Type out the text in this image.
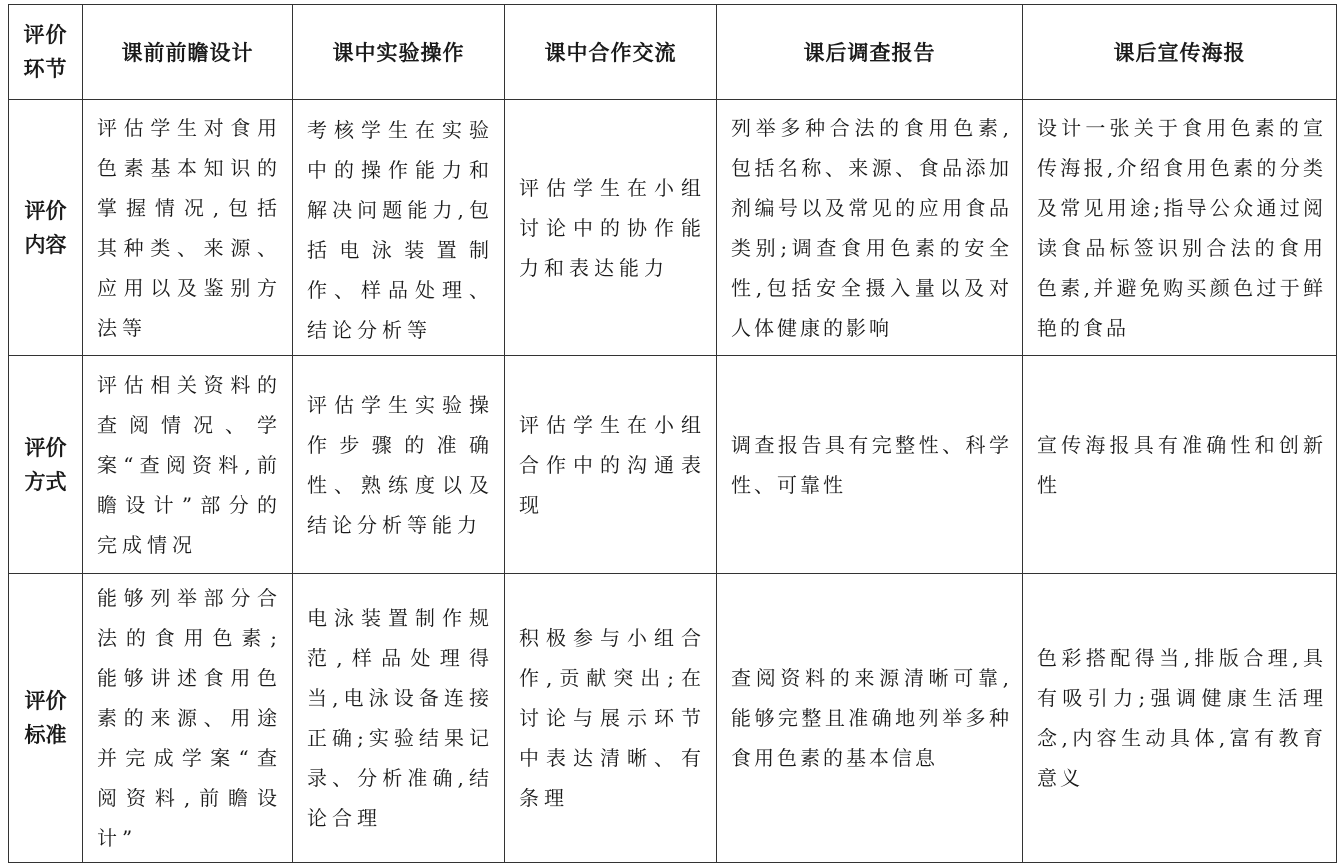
评价
环节	课前前瞻设计	课中实验操作	课中合作交流	课后调查报告	课后宣传海报

评价
内容	评估学生对食用色素基本知识的掌握情况,包括其种类、来源、应用以及鉴别方法等	考核学生在实验中的操作能力和解决问题能力,包括电泳装置制作、样品处理、结论分析等	评估学生在小组讨论中的协作能力和表达能力	列举多种合法的食用色素,包括名称、来源、食品添加剂编号以及常见的应用食品类别;调查食用色素的安全性,包括安全摄入量以及对人体健康的影响	设计一张关于食用色素的宣传海报,介绍食用色素的分类及常见用途;指导公众通过阅读食品标签识别合法的食用色素,并避免购买颜色过于鲜艳的食品

评价
方式	评估相关资料的查阅情况、学案“查阅资料,前瞻设计”部分的完成情况	评估学生实验操作步骤的准确性、熟练度以及结论分析等能力	评估学生在小组合作中的沟通表现	调查报告具有完整性、科学性、可靠性	宣传海报具有准确性和创新性

评价
标准	能够列举部分合法的食用色素;能够讲述食用色素的来源、用途并完成学案“查阅资料,前瞻设计”	电泳装置制作规范,样品处理得当,电泳设备连接正确;实验结果记录、分析准确,结论合理	积极参与小组合作,贡献突出;在讨论与展示环节中表达清晰、有条理	查阅资料的来源清晰可靠,能够完整且准确地列举多种食用色素的基本信息	色彩搭配得当,排版合理,具有吸引力;强调健康生活理念,内容生动具体,富有教育意义
